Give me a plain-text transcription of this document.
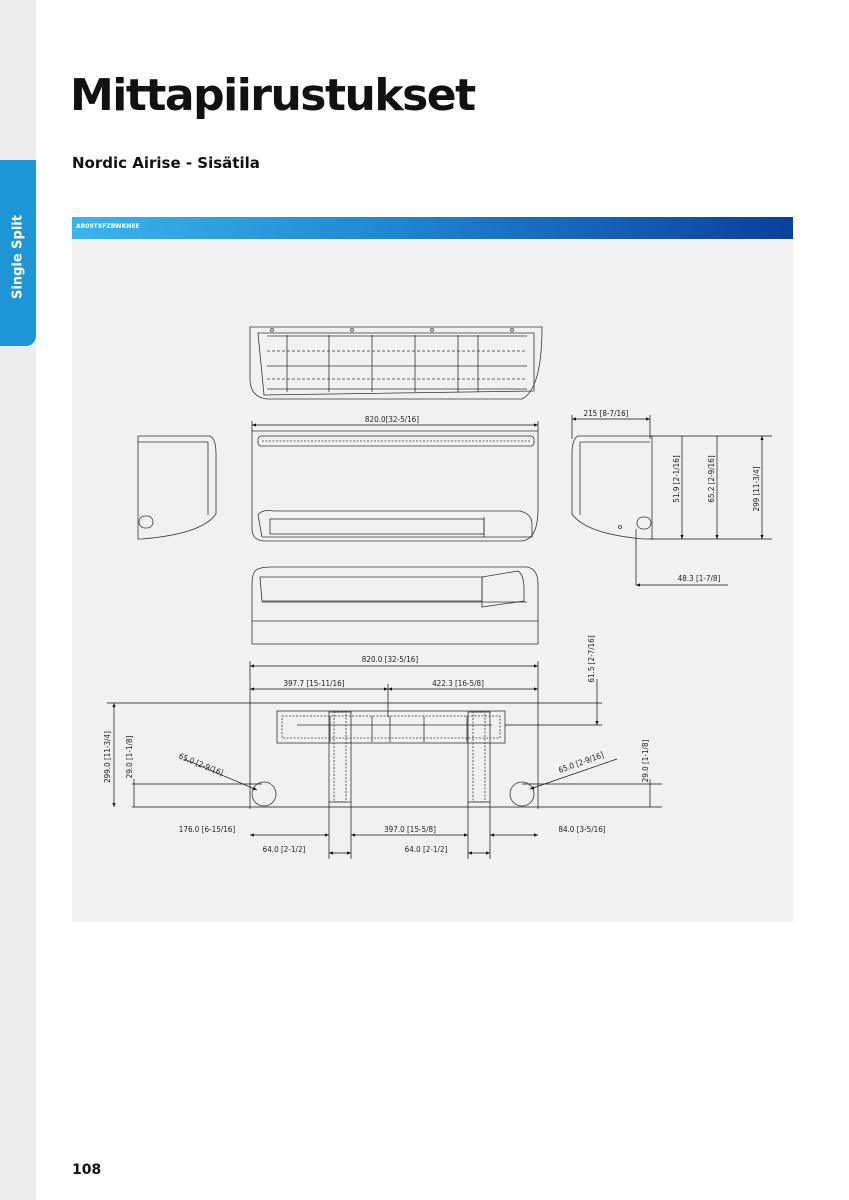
Single Split
Mittapiirustukset
Nordic Airise - Sisätila
AR09TXFZBWKNEE
820.0[32-5/16]
215 [8-7/16]
51.9 [2-1/16]	65.2 [2-9/16]	299 [11-3/4]
48.3 [1-7/8]
820.0 [32-5/16]
397.7 [15-11/16]	422.3 [16-5/8]
61.5 [2-7/16]
299.0 [11-3/4] 29.0 [1-1/8]	29.0 [1-1/8]
65.0 [2-9/16]	65.0 [2-9/16]
176.0 [6-15/16]	397.0 [15-5/8]	84.0 [3-5/16]
64.0 [2-1/2]	64.0 [2-1/2]
108
